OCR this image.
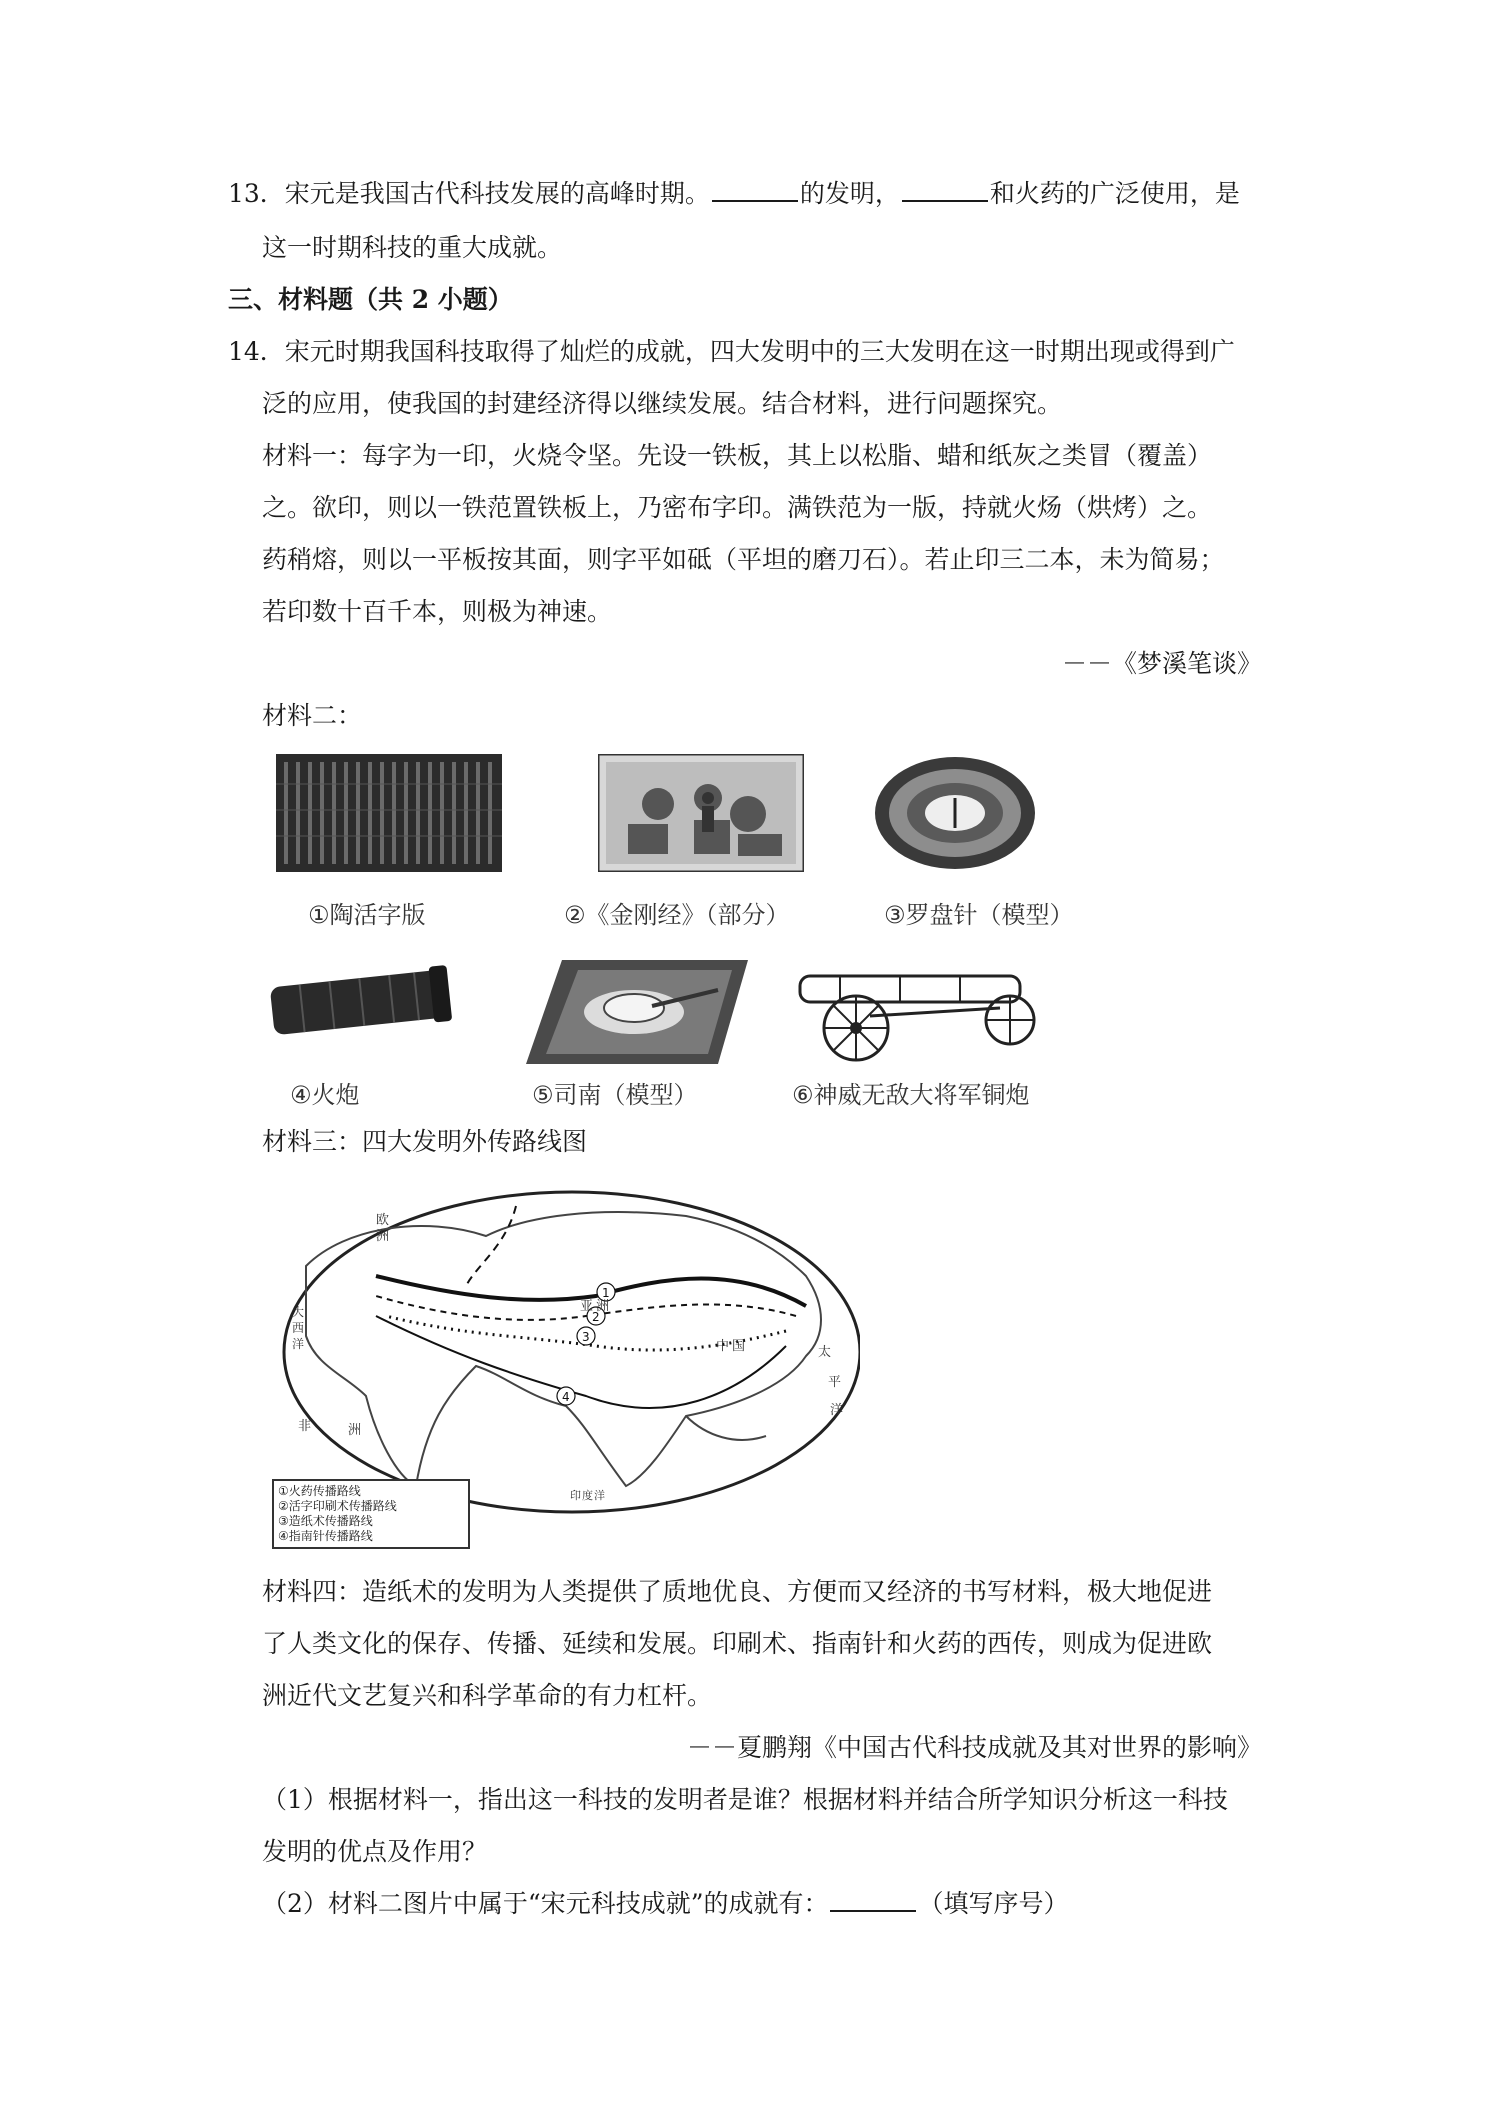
13．宋元是我国古代科技发展的高峰时期。	的发明，	和火药的广泛使用，是
这一时期科技的重大成就。
三、材料题（共 2 小题）
14．宋元时期我国科技取得了灿烂的成就，四大发明中的三大发明在这一时期出现或得到广
泛的应用，使我国的封建经济得以继续发展。结合材料，进行问题探究。
材料一：每字为一印，火烧令坚。先设一铁板，其上以松脂、蜡和纸灰之类冒（覆盖）
之。欲印，则以一铁范置铁板上，乃密布字印。满铁范为一版，持就火炀（烘烤）之。
药稍熔，则以一平板按其面，则字平如砥（平坦的磨刀石）。若止印三二本，未为简易；
若印数十百千本，则极为神速。
－－《梦溪笔谈》
材料二：
①陶活字版	②《金刚经》（部分）	③罗盘针（模型）
④火炮	⑤司南（模型）	⑥神威无敌大将军铜炮
材料三：四大发明外传路线图
1
2
3
4
欧
洲
亚 洲
非	洲
中 国
印 度 洋
太
平
洋
大
西
洋
①火药传播路线
②活字印刷术传播路线
③造纸术传播路线
④指南针传播路线
材料四：造纸术的发明为人类提供了质地优良、方便而又经济的书写材料，极大地促进
了人类文化的保存、传播、延续和发展。印刷术、指南针和火药的西传，则成为促进欧
洲近代文艺复兴和科学革命的有力杠杆。
－－夏鹏翔《中国古代科技成就及其对世界的影响》
（1）根据材料一，指出这一科技的发明者是谁？根据材料并结合所学知识分析这一科技
发明的优点及作用？
（2）材料二图片中属于“宋元科技成就”的成就有：	（填写序号）
